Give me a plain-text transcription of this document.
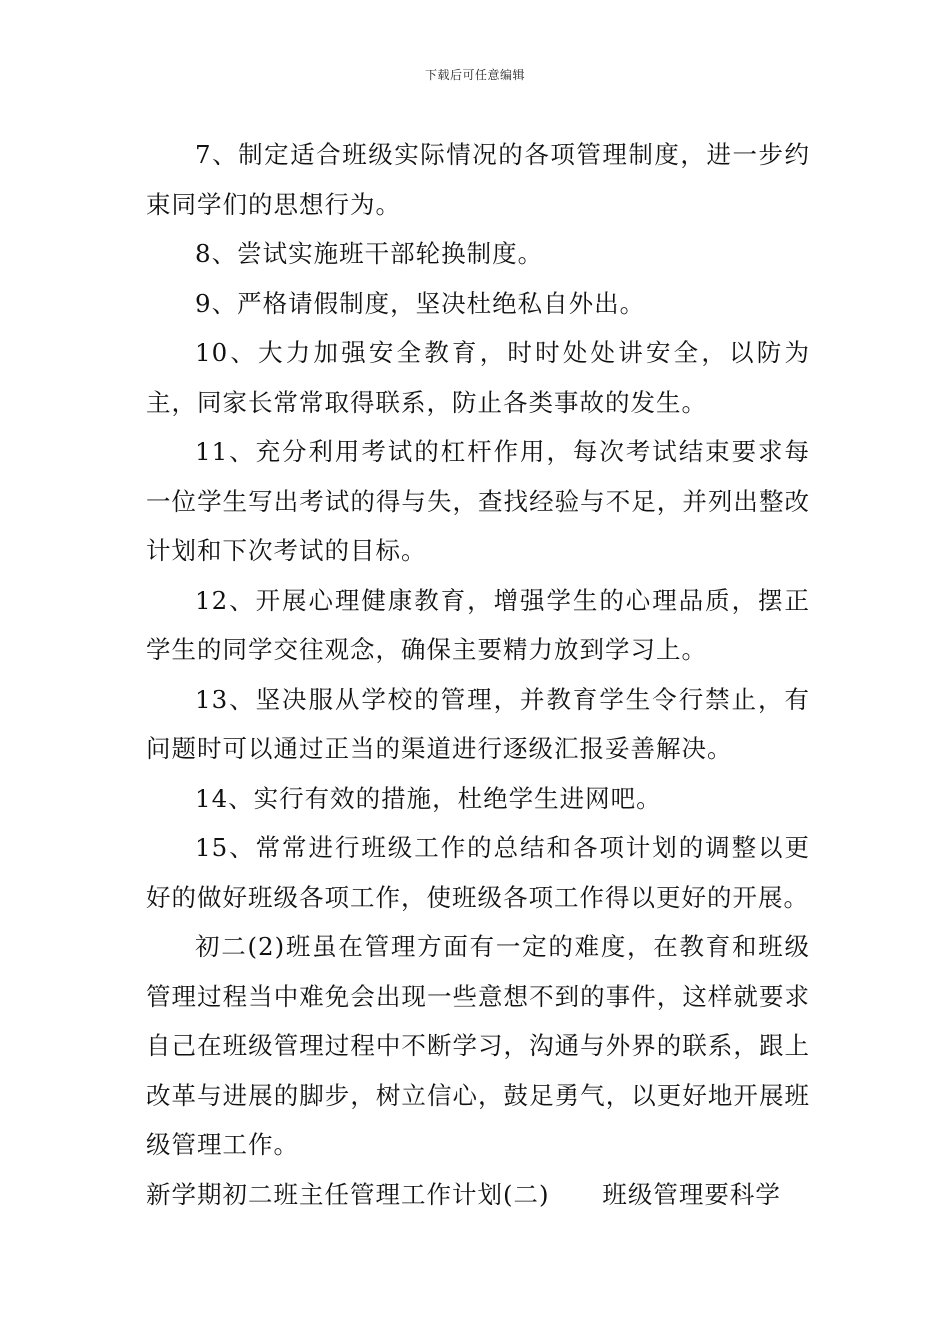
下载后可任意编辑

7、制定适合班级实际情况的各项管理制度，进一步约束同学们的思想行为。

8、尝试实施班干部轮换制度。

9、严格请假制度，坚决杜绝私自外出。

10、大力加强安全教育，时时处处讲安全，以防为主，同家长常常取得联系，防止各类事故的发生。

11、充分利用考试的杠杆作用，每次考试结束要求每一位学生写出考试的得与失，查找经验与不足，并列出整改计划和下次考试的目标。

12、开展心理健康教育，增强学生的心理品质，摆正学生的同学交往观念，确保主要精力放到学习上。

13、坚决服从学校的管理，并教育学生令行禁止，有问题时可以通过正当的渠道进行逐级汇报妥善解决。

14、实行有效的措施，杜绝学生进网吧。

15、常常进行班级工作的总结和各项计划的调整以更好的做好班级各项工作，使班级各项工作得以更好的开展。

初二(2)班虽在管理方面有一定的难度，在教育和班级管理过程当中难免会出现一些意想不到的事件，这样就要求自己在班级管理过程中不断学习，沟通与外界的联系，跟上改革与进展的脚步，树立信心，鼓足勇气，以更好地开展班级管理工作。

新学期初二班主任管理工作计划(二)      班级管理要科学
